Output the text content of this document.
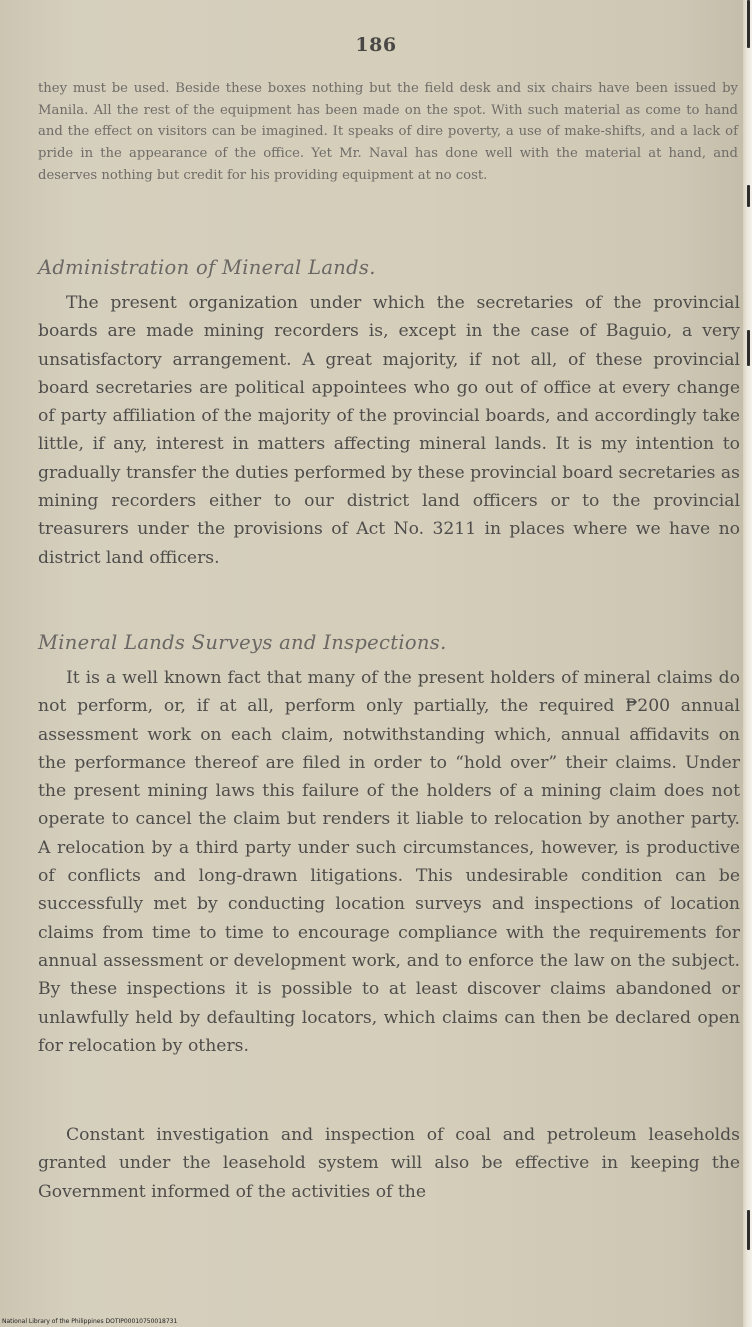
186

they must be used. Beside these boxes nothing but the field desk and six chairs have been issued by Manila. All the rest of the equipment has been made on the spot. With such material as come to hand and the effect on visitors can be imagined. It speaks of dire poverty, a use of make-shifts, and a lack of pride in the appearance of the office. Yet Mr. Naval has done well with the material at hand, and deserves nothing but credit for his providing equipment at no cost.

Administration of Mineral Lands.

The present organization under which the secretaries of the provincial boards are made mining recorders is, except in the case of Baguio, a very unsatisfactory arrangement. A great majority, if not all, of these provincial board secretaries are political appointees who go out of office at every change of party affiliation of the majority of the provincial boards, and accordingly take little, if any, interest in matters affecting mineral lands. It is my intention to gradually transfer the duties performed by these provincial board secretaries as mining recorders either to our district land officers or to the provincial treasurers under the provisions of Act No. 3211 in places where we have no district land officers.

Mineral Lands Surveys and Inspections.

It is a well known fact that many of the present holders of mineral claims do not perform, or, if at all, perform only partially, the required ₱200 annual assessment work on each claim, notwithstanding which, annual affidavits on the performance thereof are filed in order to “hold over” their claims. Under the present mining laws this failure of the holders of a mining claim does not operate to cancel the claim but renders it liable to relocation by another party. A relocation by a third party under such circumstances, however, is productive of conflicts and long-drawn litigations. This undesirable condition can be successfully met by conducting location surveys and inspections of location claims from time to time to encourage compliance with the requirements for annual assessment or development work, and to enforce the law on the subject. By these inspections it is possible to at least discover claims abandoned or unlawfully held by defaulting locators, which claims can then be declared open for relocation by others.

Constant investigation and inspection of coal and petroleum leaseholds granted under the leasehold system will also be effective in keeping the Government informed of the activities of the

National Library of the Philippines DOTIP00010750018731
